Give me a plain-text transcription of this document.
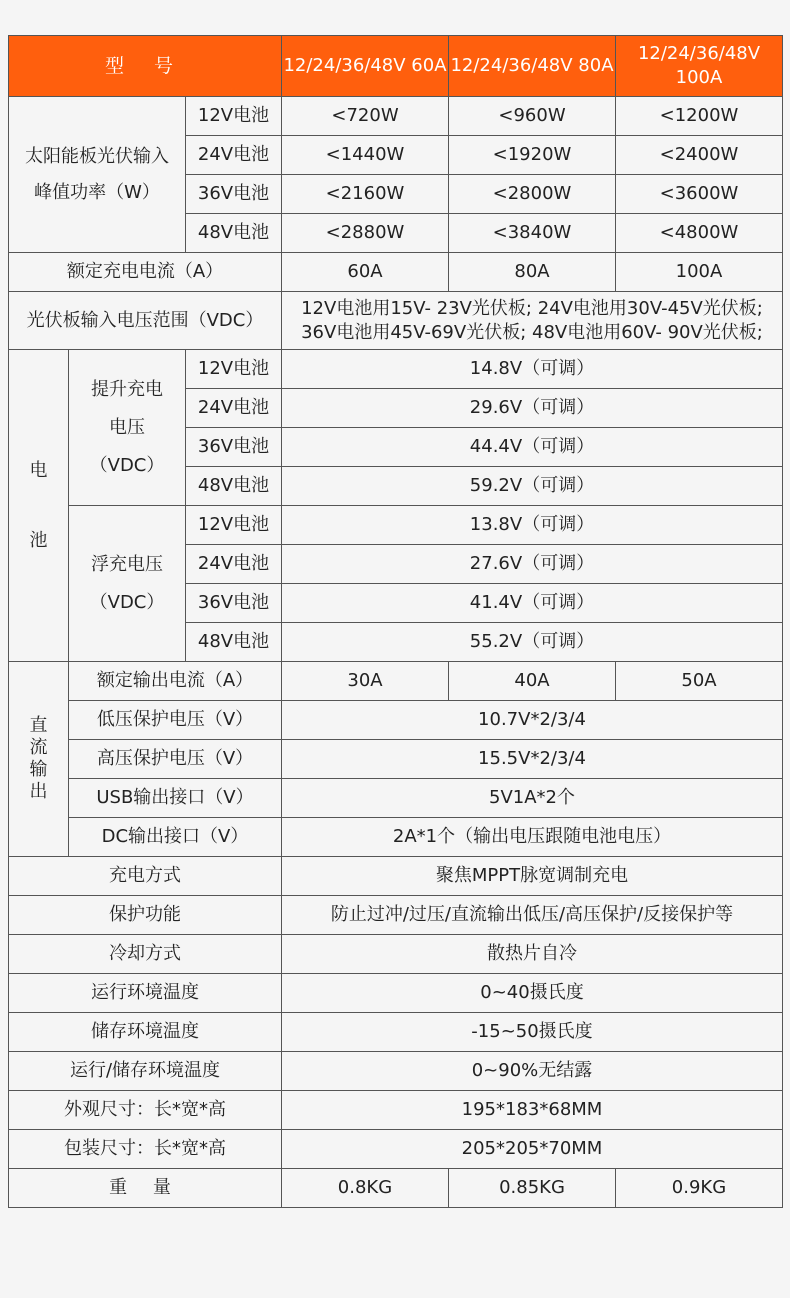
型 号			12/24/36/48V 60A	12/24/36/48V 80A	12/24/36/48V 100A

太阳能板光伏输入
峰值功率（W）		12V电池	<720W	<960W	<1200W
		24V电池	<1440W	<1920W	<2400W
		36V电池	<2160W	<2800W	<3600W
		48V电池	<2880W	<3840W	<4800W
额定充电电流（A）			60A	80A	100A
光伏板输入电压范围（VDC）			12V电池用15V- 23V光伏板; 24V电池用30V-45V光伏板;
36V电池用45V-69V光伏板; 48V电池用60V- 90V光伏板;		

电
池	提升充电
电压
（VDC）	12V电池	14.8V（可调）		
		24V电池	29.6V（可调）		
		36V电池	44.4V（可调）		
		48V电池	59.2V（可调）		

	浮充电压
（VDC）	12V电池	13.8V（可调）		
		24V电池	27.6V（可调）		
		36V电池	41.4V（可调）		
		48V电池	55.2V（可调）		

直
流
输
出	额定输出电流（A）		30A	40A	50A
	低压保护电压（V）		10.7V*2/3/4		
	高压保护电压（V）		15.5V*2/3/4		
	USB输出接口（V）		5V1A*2个		
	DC输出接口（V）		2A*1个（输出电压跟随电池电压）		
充电方式			聚焦MPPT脉宽调制充电		
保护功能			防止过冲/过压/直流输出低压/高压保护/反接保护等		
冷却方式			散热片自冷		
运行环境温度			0~40摄氏度		
储存环境温度			-15~50摄氏度		
运行/储存环境温度			0~90%无结露		
外观尺寸：长*宽*高			195*183*68MM		
包装尺寸：长*宽*高			205*205*70MM		
重 量			0.8KG	0.85KG	0.9KG
